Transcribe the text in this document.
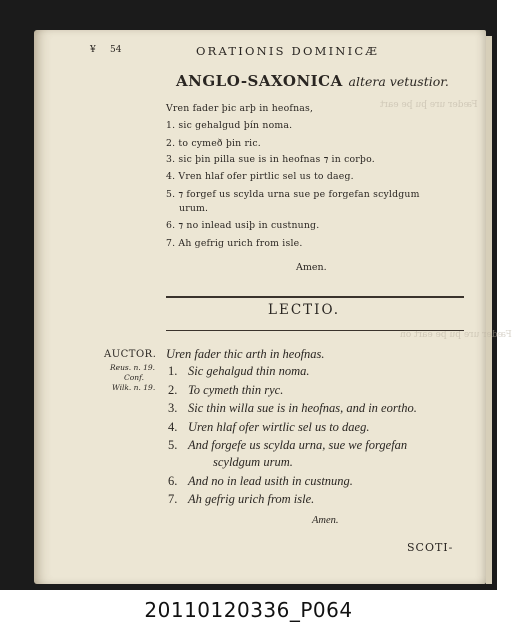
Fæder ure þu þe eart
Fæder ure þu þe eart on
¥ 54	ORATIONIS DOMINICÆ
ANGLO-SAXONICA altera vetustior.
Vren fader þic arþ in heofnas,
1. sic gehalgud þín noma.
2. to cymeð þin ric.
3. sic þin pilla sue is in heofnas ⁊ in corþo.
4. Vren hlaf ofer pirtlic sel us to daeg.
5. ⁊ forgef us scylda urna sue pe forgefan scyldgum
urum.
6. ⁊ no inlead usiþ in custnung.
7. Ah gefrig urich from isle.
Amen.
LECTIO.
AUCTOR.
Reus. n. 19.
Conf.
Wilk. n. 19.
Uren fader thic arth in heofnas.
1. Sic gehalgud thin noma.
2. To cymeth thin ryc.
3. Sic thin willa sue is in heofnas, and in eortho.
4. Uren hlaf ofer wirtlic sel us to daeg.
5. And forgefe us scylda urna, sue we forgefan
scyldgum urum.
6. And no in lead usith in custnung.
7. Ah gefrig urich from isle.
Amen.
SCOTI-
20110120336_P064
